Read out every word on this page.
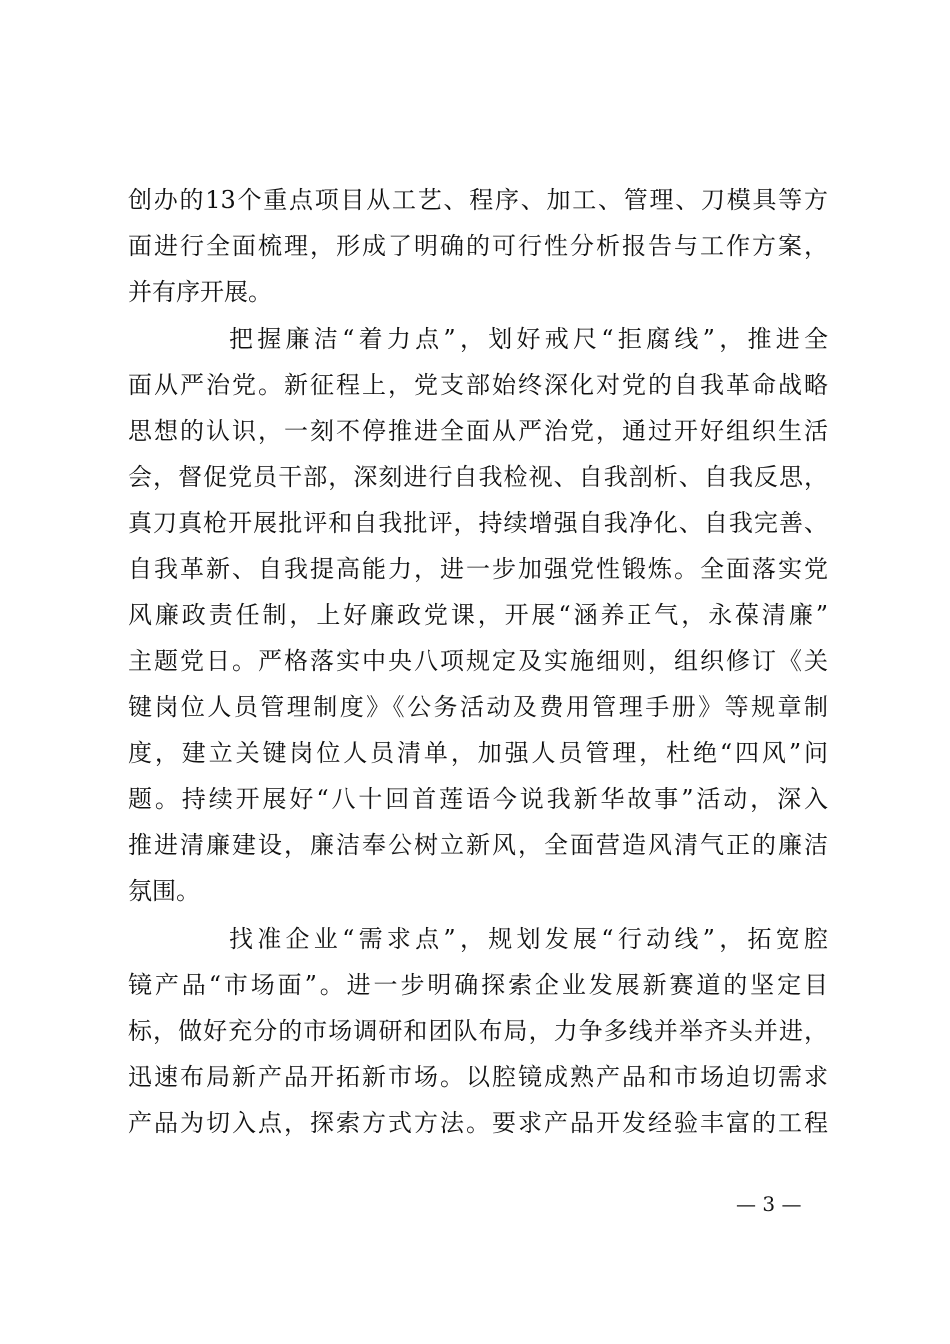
创办的13个重点项目从工艺、程序、加工、管理、刀模具等方
面进行全面梳理，形成了明确的可行性分析报告与工作方案，
并有序开展。
把握廉洁“着力点”，划好戒尺“拒腐线”，推进全
面从严治党。新征程上，党支部始终深化对党的自我革命战略
思想的认识，一刻不停推进全面从严治党，通过开好组织生活
会，督促党员干部，深刻进行自我检视、自我剖析、自我反思，
真刀真枪开展批评和自我批评，持续增强自我净化、自我完善、
自我革新、自我提高能力，进一步加强党性锻炼。全面落实党
风廉政责任制，上好廉政党课，开展“涵养正气，永葆清廉”
主题党日。严格落实中央八项规定及实施细则，组织修订《关
键岗位人员管理制度》《公务活动及费用管理手册》等规章制
度，建立关键岗位人员清单，加强人员管理，杜绝“四风”问
题。持续开展好“八十回首莲语今说我新华故事”活动，深入
推进清廉建设，廉洁奉公树立新风，全面营造风清气正的廉洁
氛围。
找准企业“需求点”，规划发展“行动线”，拓宽腔
镜产品“市场面”。进一步明确探索企业发展新赛道的坚定目
标，做好充分的市场调研和团队布局，力争多线并举齐头并进，
迅速布局新产品开拓新市场。以腔镜成熟产品和市场迫切需求
产品为切入点，探索方式方法。要求产品开发经验丰富的工程
— 3 —
